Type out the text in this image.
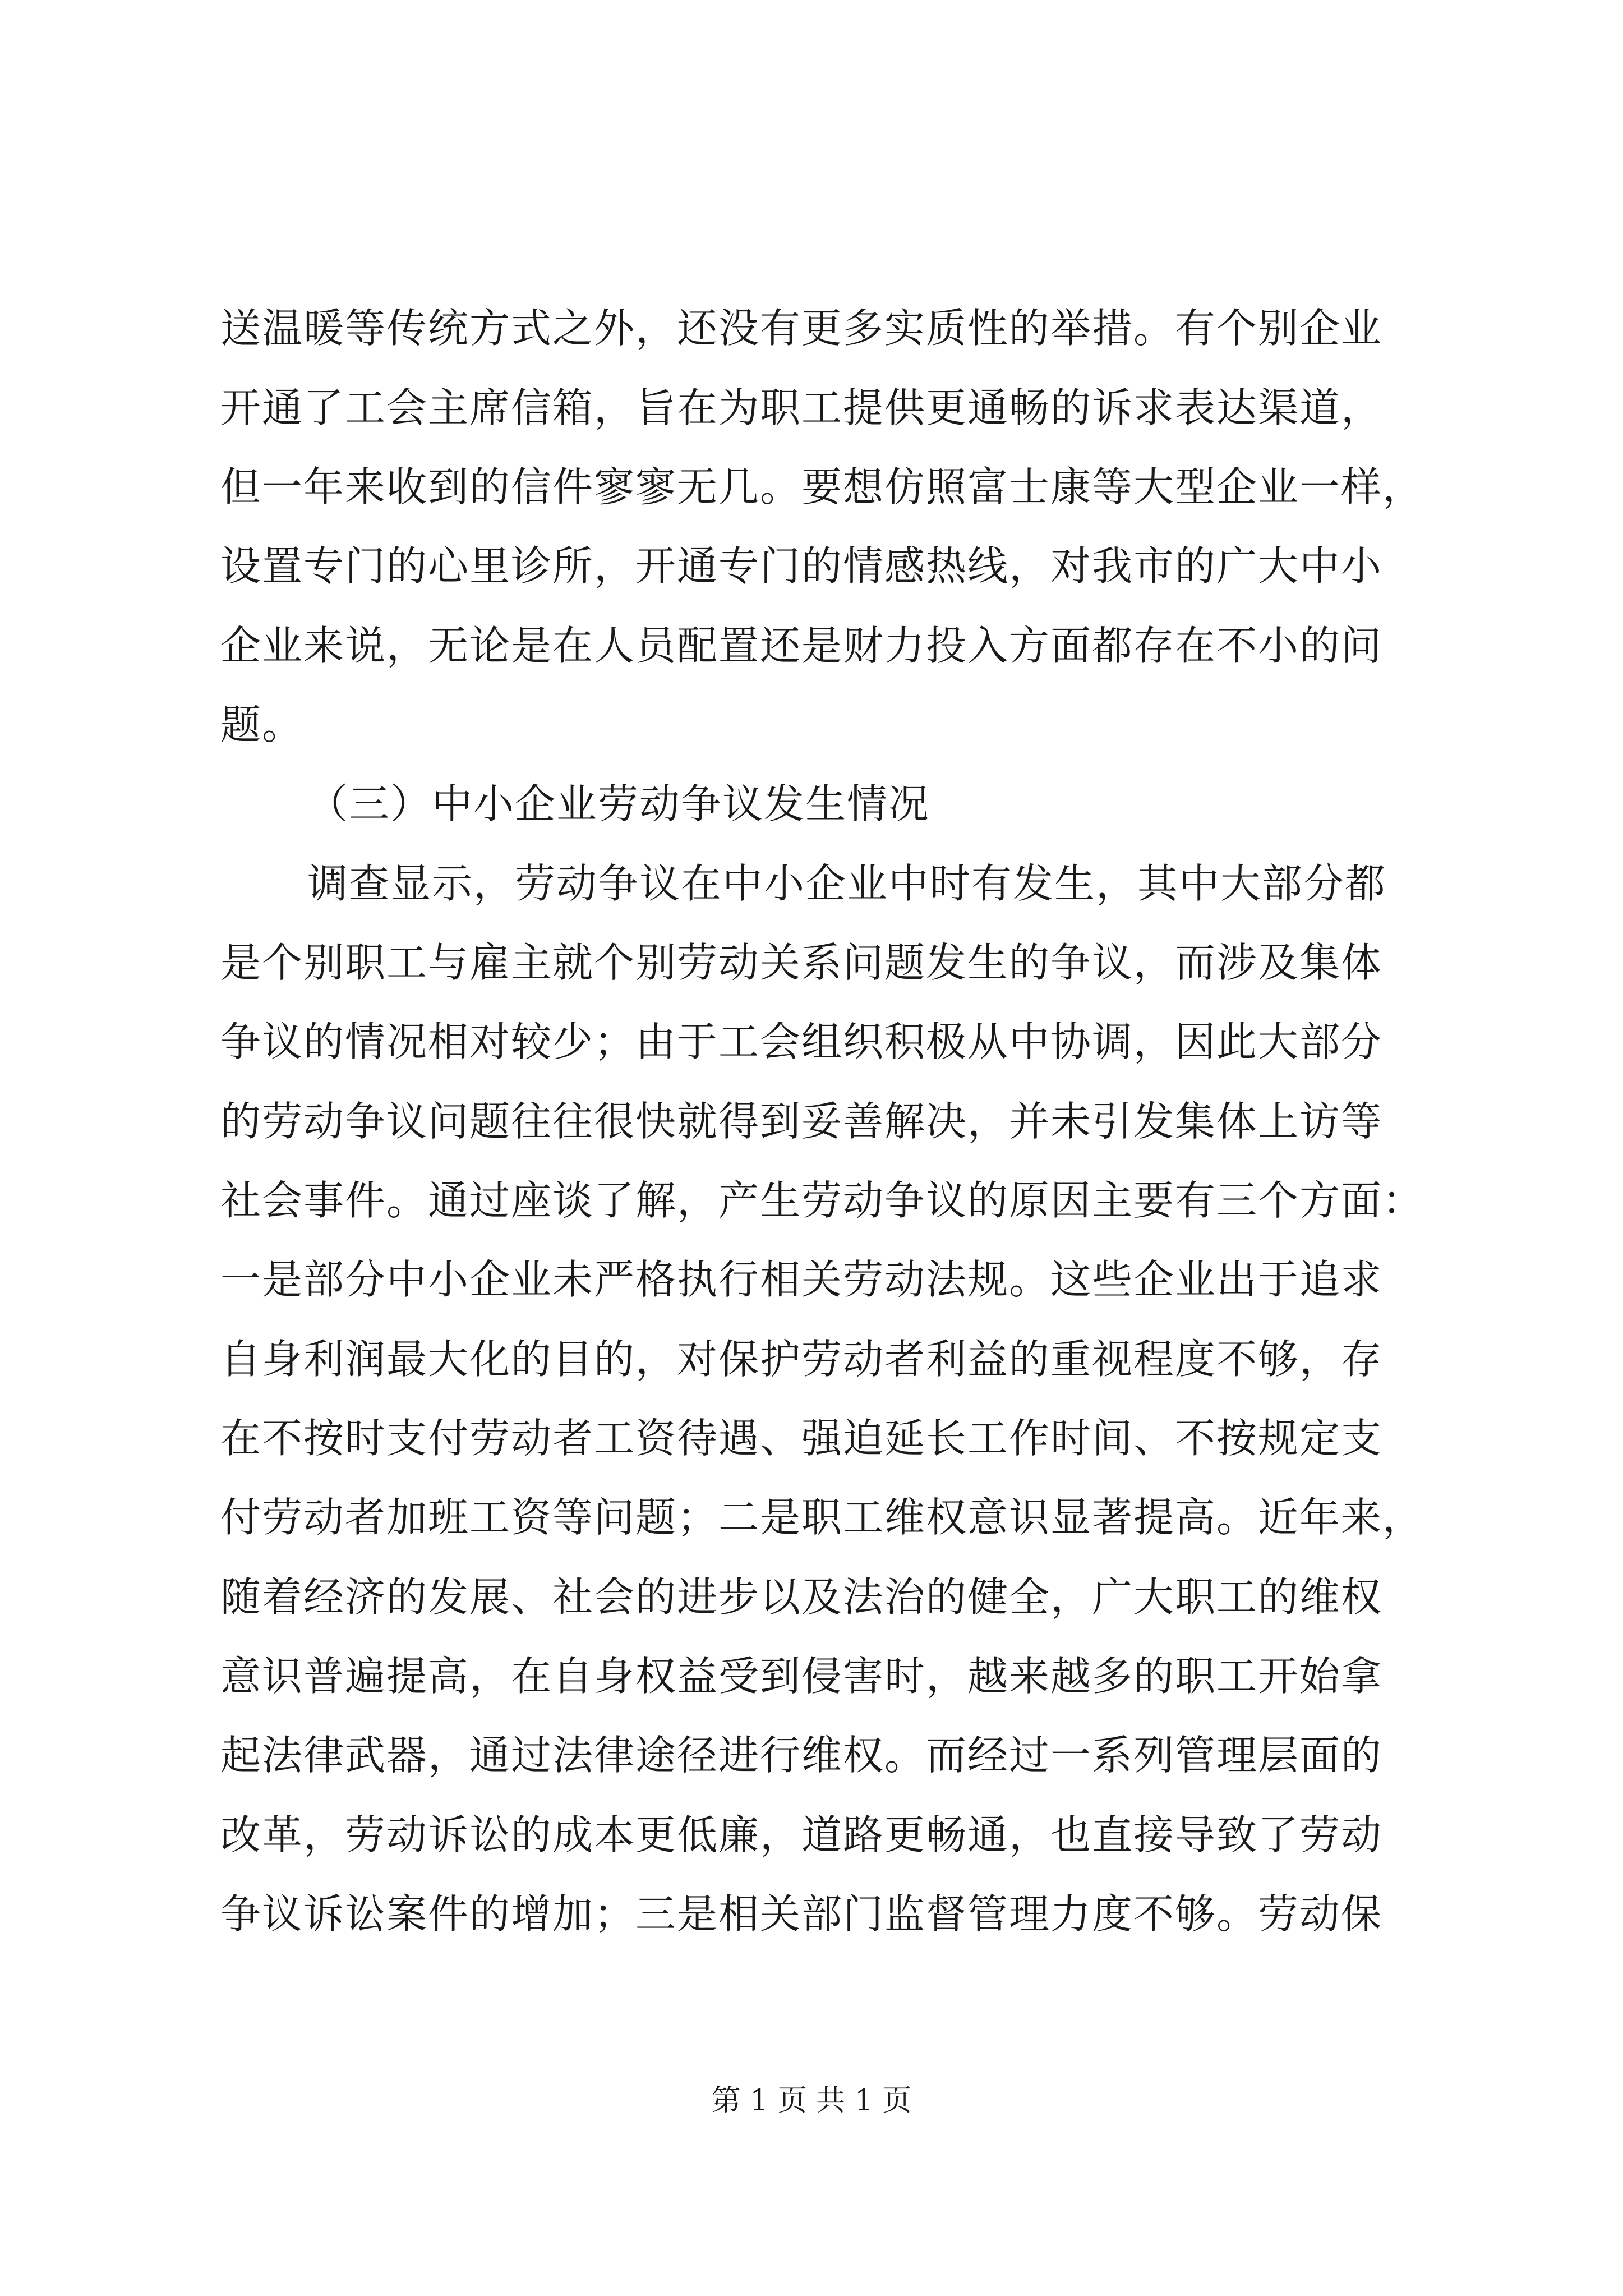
送温暖等传统方式之外，还没有更多实质性的举措。有个别企业
开通了工会主席信箱，旨在为职工提供更通畅的诉求表达渠道，
但一年来收到的信件寥寥无几。要想仿照富士康等大型企业一样，
设置专门的心里诊所，开通专门的情感热线，对我市的广大中小
企业来说，无论是在人员配置还是财力投入方面都存在不小的问
题。
（三）中小企业劳动争议发生情况
调查显示，劳动争议在中小企业中时有发生，其中大部分都
是个别职工与雇主就个别劳动关系问题发生的争议，而涉及集体
争议的情况相对较少；由于工会组织积极从中协调，因此大部分
的劳动争议问题往往很快就得到妥善解决，并未引发集体上访等
社会事件。通过座谈了解，产生劳动争议的原因主要有三个方面：
一是部分中小企业未严格执行相关劳动法规。这些企业出于追求
自身利润最大化的目的，对保护劳动者利益的重视程度不够，存
在不按时支付劳动者工资待遇、强迫延长工作时间、不按规定支
付劳动者加班工资等问题；二是职工维权意识显著提高。近年来，
随着经济的发展、社会的进步以及法治的健全，广大职工的维权
意识普遍提高，在自身权益受到侵害时，越来越多的职工开始拿
起法律武器，通过法律途径进行维权。而经过一系列管理层面的
改革，劳动诉讼的成本更低廉，道路更畅通，也直接导致了劳动
争议诉讼案件的增加；三是相关部门监督管理力度不够。劳动保
第 1 页 共 1 页
